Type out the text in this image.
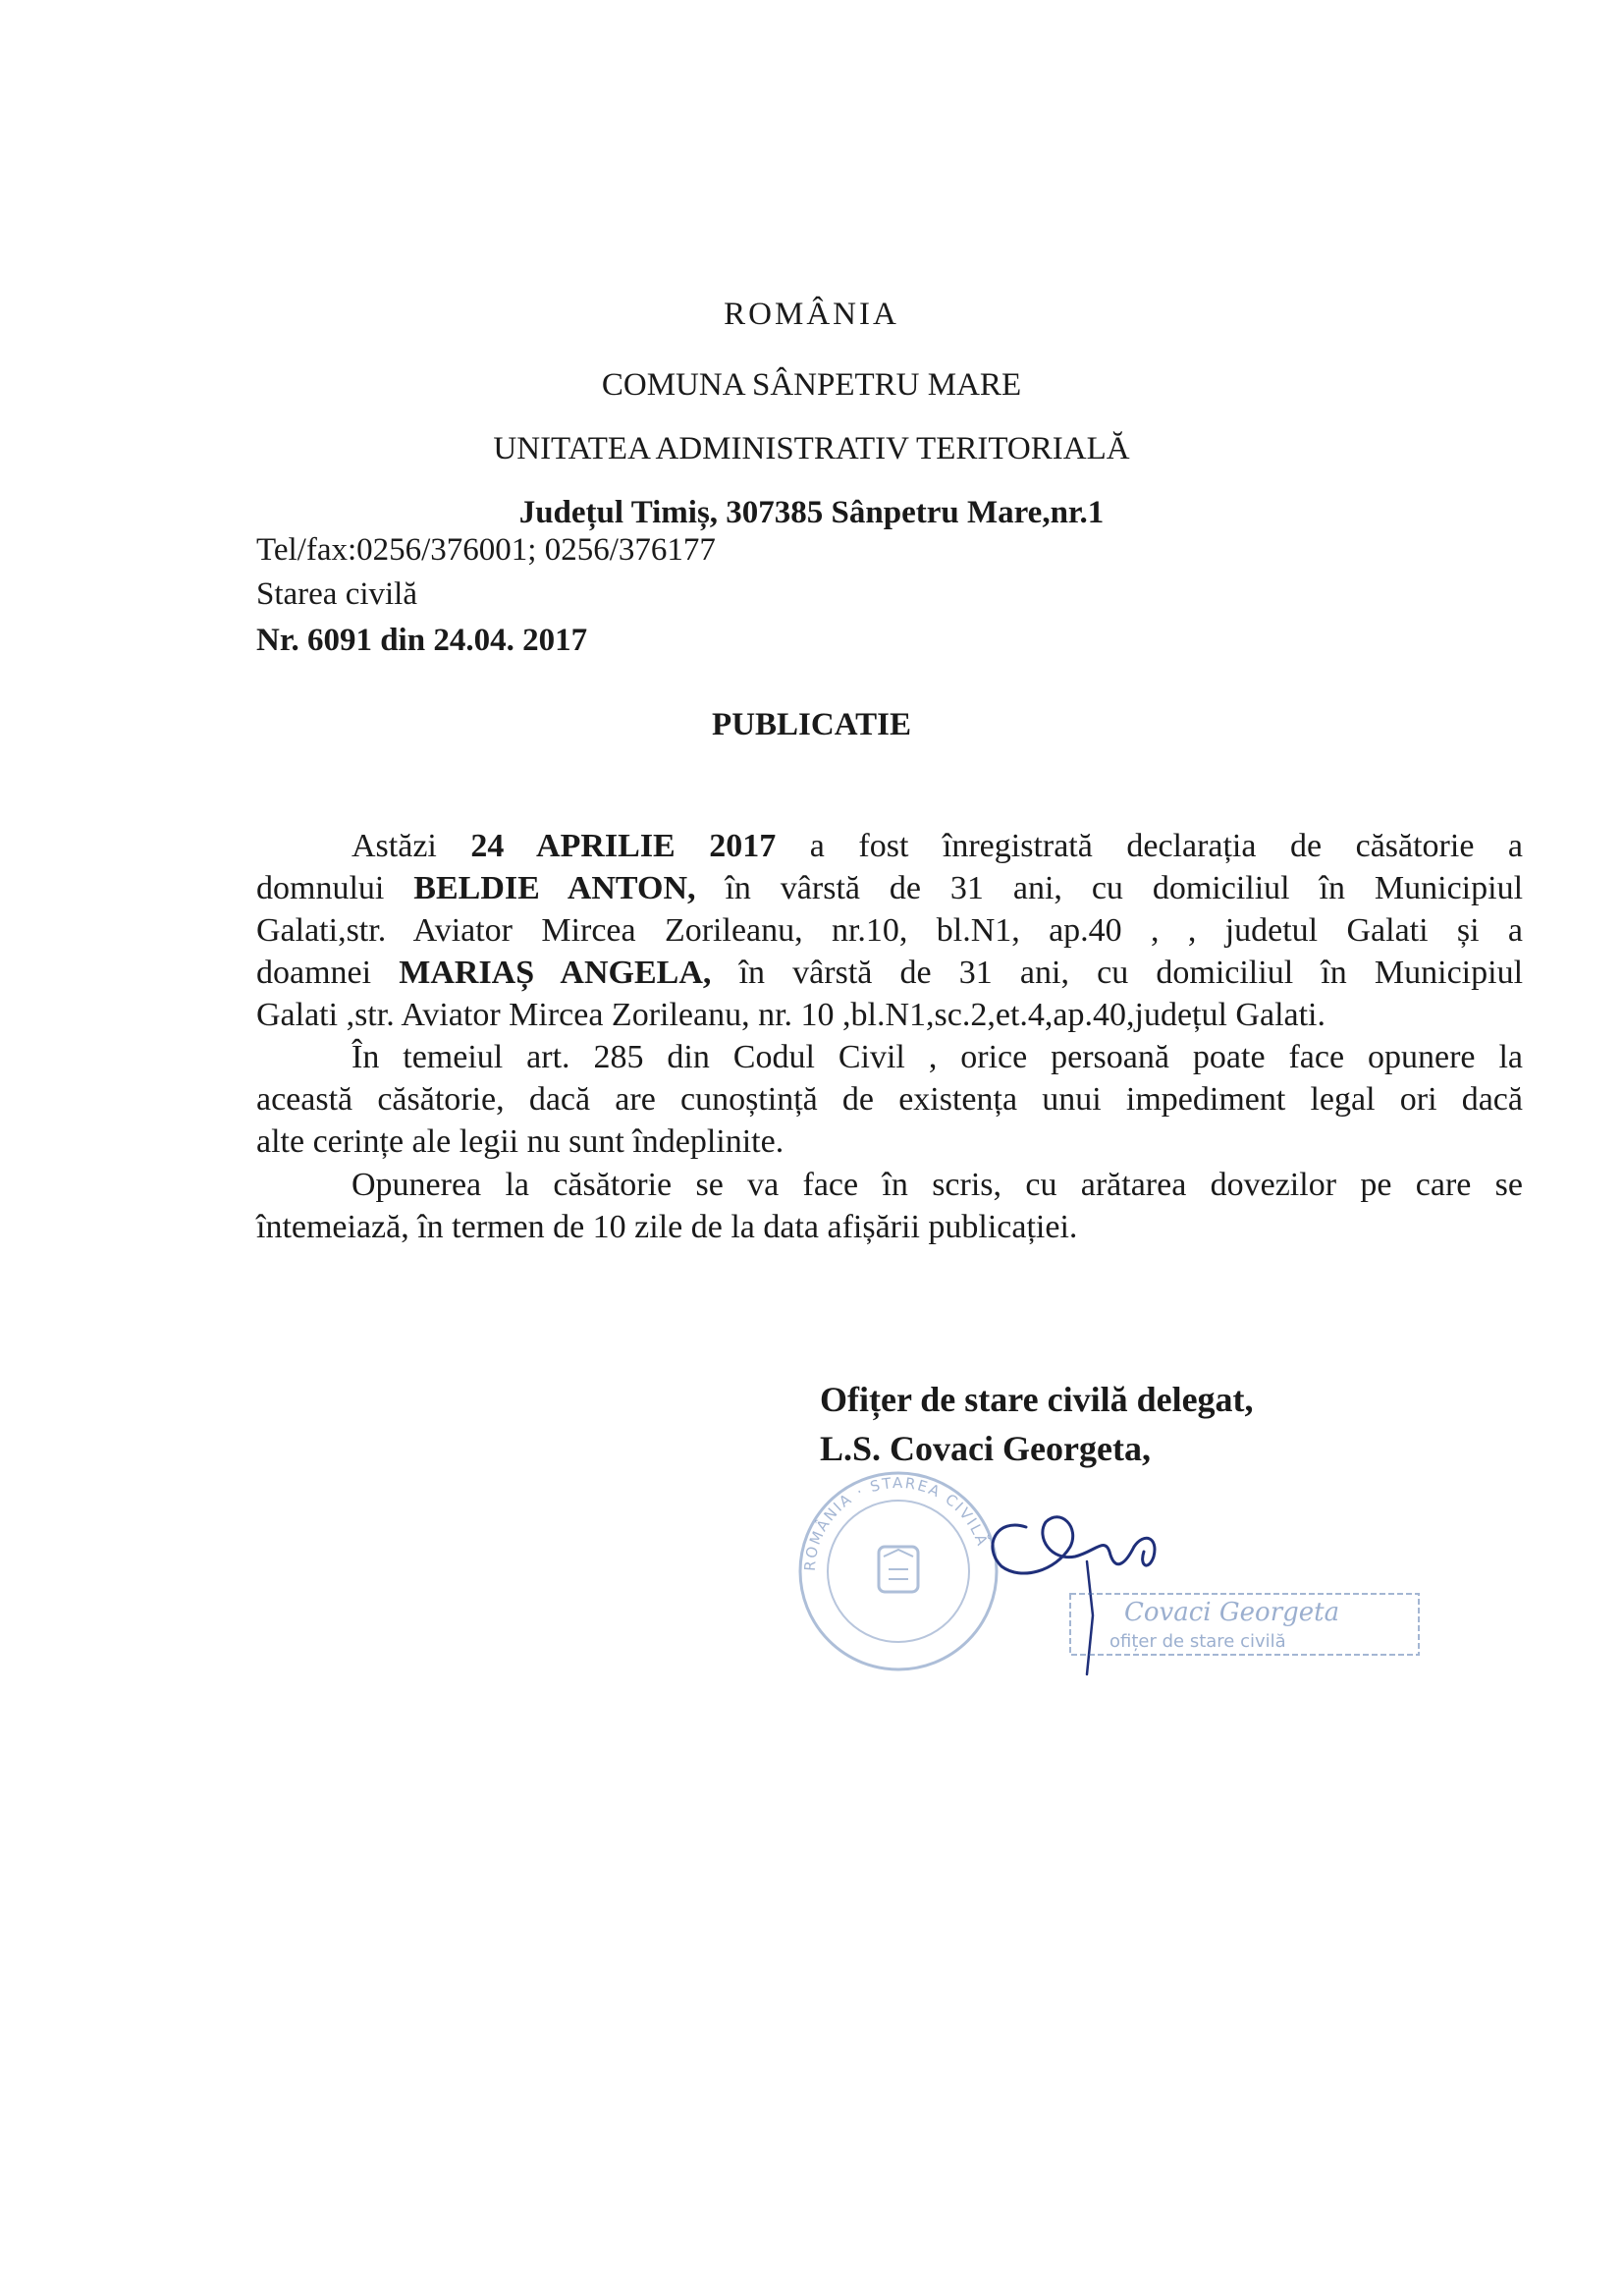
ROMÂNIA
COMUNA SÂNPETRU MARE
UNITATEA ADMINISTRATIV TERITORIALĂ
Județul Timiș, 307385 Sânpetru Mare,nr.1
Tel/fax:0256/376001; 0256/376177
Starea civilă
Nr. 6091 din 24.04. 2017
PUBLICATIE
Astăzi 24 APRILIE 2017 a fost înregistrată declarația de căsătorie a
domnului BELDIE ANTON, în vârstă de 31 ani, cu domiciliul în Municipiul
Galati,str. Aviator Mircea Zorileanu, nr.10, bl.N1, ap.40 , , judetul Galati și a
doamnei MARIAȘ ANGELA, în vârstă de 31 ani, cu domiciliul în Municipiul
Galati ,str. Aviator Mircea Zorileanu, nr. 10 ,bl.N1,sc.2,et.4,ap.40,județul Galati.
În temeiul art. 285 din Codul Civil , orice persoană poate face opunere la
această căsătorie, dacă are cunoștință de existența unui impediment legal ori dacă
alte cerințe ale legii nu sunt îndeplinite.
Opunerea la căsătorie se va face în scris, cu arătarea dovezilor pe care se
întemeiază, în termen de 10 zile de la data afișării publicației.
Ofițer de stare civilă delegat,
L.S. Covaci Georgeta,
ROMÂNIA · STAREA CIVILĂ
Covaci Georgeta
ofițer de stare civilă
